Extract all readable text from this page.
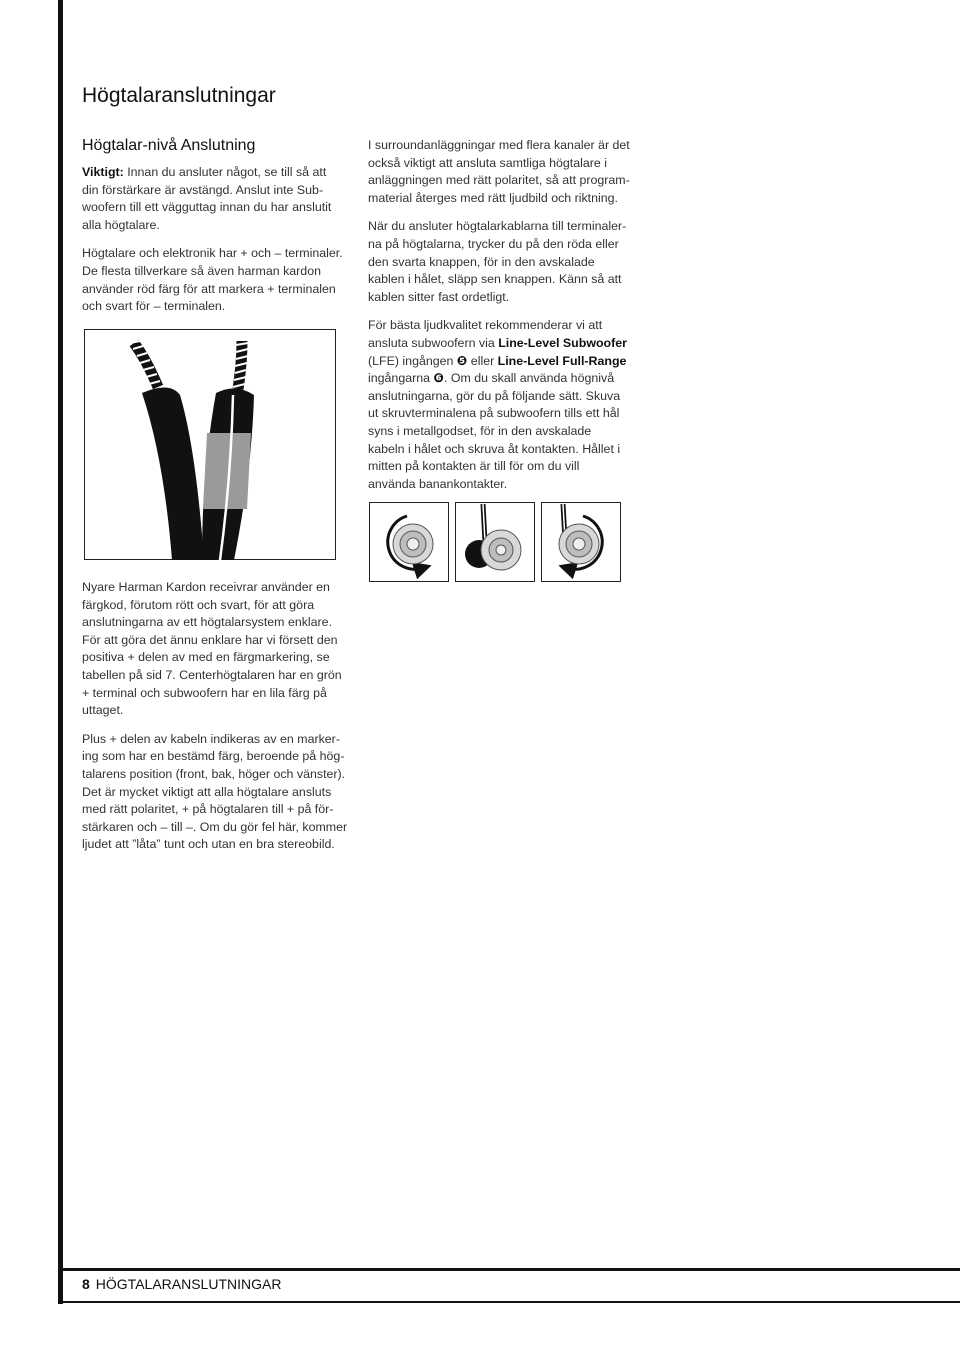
Högtalaranslutningar
Högtalar-nivå Anslutning

Viktigt: Innan du ansluter något, se till så att din förstärkare är avstängd. Anslut inte Subwoofern till ett vägguttag innan du har anslutit alla högtalare.

Högtalare och elektronik har + och – terminaler. De flesta tillverkare så även harman kardon använder röd färg för att markera + terminalen och svart för – terminalen.

Nyare Harman Kardon receivrar använder en färgkod, förutom rött och svart, för att göra anslutningarna av ett högtalarsystem enklare. För att göra det ännu enklare har vi försett den positiva + delen av med en färgmarkering, se tabellen på sid 7. Centerhögtalaren har en grön + terminal och subwoofern har en lila färg på uttaget.

Plus + delen av kabeln indikeras av en markering som har en bestämd färg, beroende på högtalarens position (front, bak, höger och vänster). Det är mycket viktigt att alla högtalare ansluts med rätt polaritet, + på högtalaren till + på förstärkaren och – till –. Om du gör fel här, kommer ljudet att ”låta” tunt och utan en bra stereobild.

I surroundanläggningar med flera kanaler är det också viktigt att ansluta samtliga högtalare i anläggningen med rätt polaritet, så att programmaterial återges med rätt ljudbild och riktning.

När du ansluter högtalarkablarna till terminalerna på högtalarna, trycker du på den röda eller den svarta knappen, för in den avskalade kablen i hålet, släpp sen knappen. Känn så att kablen sitter fast ordetligt.

För bästa ljudkvalitet rekommenderar vi att ansluta subwoofern via Line-Level Subwoofer (LFE) ingången ❺ eller Line-Level Full-Range ingångarna ❻. Om du skall använda högnivå anslutningarna, gör du på följande sätt. Skuva ut skruvterminalena på subwoofern tills ett hål syns i metallgodset, för in den avskalade kabeln i hålet och skruva åt kontakten. Hållet i mitten på kontakten är till för om du vill använda banankontakter.

8 HÖGTALARANSLUTNINGAR
